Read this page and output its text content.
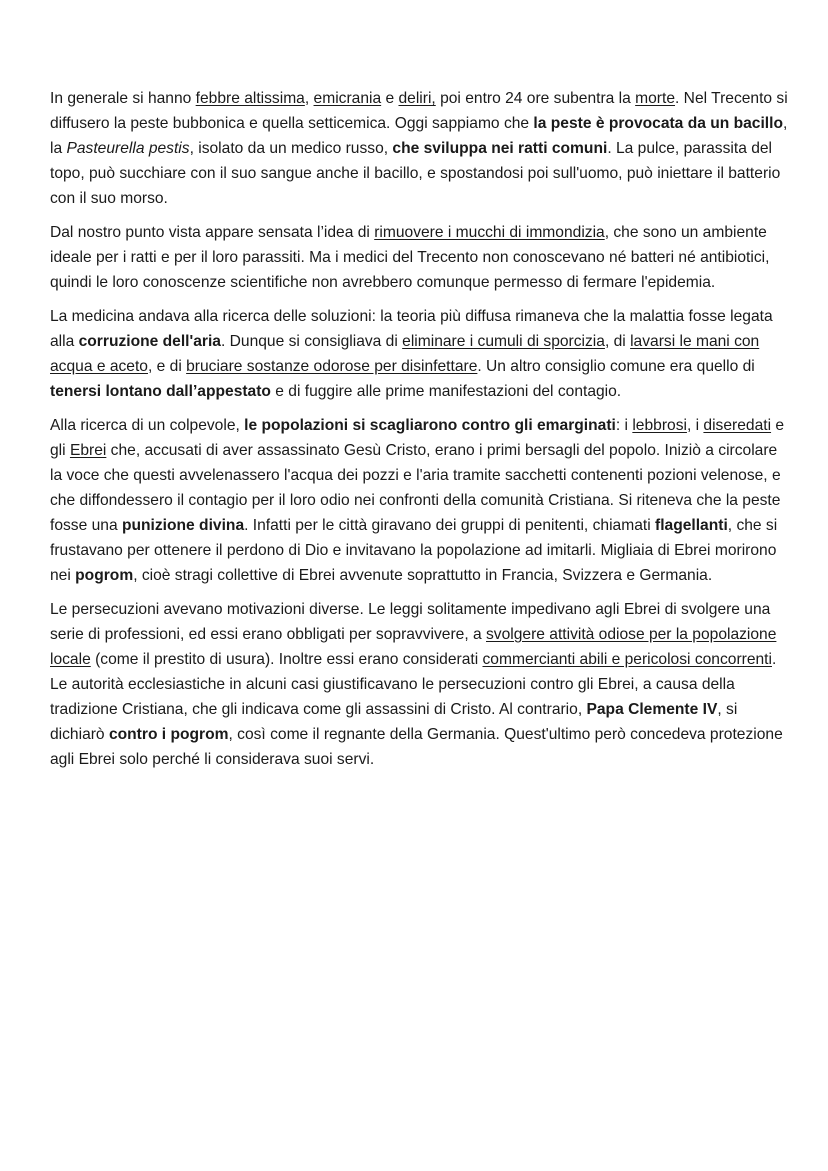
In generale si hanno febbre altissima, emicrania e deliri, poi entro 24 ore subentra la morte. Nel Trecento si diffusero la peste bubbonica e quella setticemica. Oggi sappiamo che la peste è provocata da un bacillo, la Pasteurella pestis, isolato da un medico russo, che sviluppa nei ratti comuni. La pulce, parassita del topo, può succhiare con il suo sangue anche il bacillo, e spostandosi poi sull'uomo, può iniettare il batterio con il suo morso.

Dal nostro punto vista appare sensata l’idea di rimuovere i mucchi di immondizia, che sono un ambiente ideale per i ratti e per il loro parassiti. Ma i medici del Trecento non conoscevano né batteri né antibiotici, quindi le loro conoscenze scientifiche non avrebbero comunque permesso di fermare l'epidemia.

La medicina andava alla ricerca delle soluzioni: la teoria più diffusa rimaneva che la malattia fosse legata alla corruzione dell'aria. Dunque si consigliava di eliminare i cumuli di sporcizia, di lavarsi le mani con acqua e aceto, e di bruciare sostanze odorose per disinfettare. Un altro consiglio comune era quello di tenersi lontano dall’appestato e di fuggire alle prime manifestazioni del contagio.

Alla ricerca di un colpevole, le popolazioni si scagliarono contro gli emarginati: i lebbrosi, i diseredati e gli Ebrei che, accusati di aver assassinato Gesù Cristo, erano i primi bersagli del popolo. Iniziò a circolare la voce che questi avvelenassero l'acqua dei pozzi e l'aria tramite sacchetti contenenti pozioni velenose, e che diffondessero il contagio per il loro odio nei confronti della comunità Cristiana. Si riteneva che la peste fosse una punizione divina. Infatti per le città giravano dei gruppi di penitenti, chiamati flagellanti, che si frustavano per ottenere il perdono di Dio e invitavano la popolazione ad imitarli. Migliaia di Ebrei morirono nei pogrom, cioè stragi collettive di Ebrei avvenute soprattutto in Francia, Svizzera e Germania.

Le persecuzioni avevano motivazioni diverse. Le leggi solitamente impedivano agli Ebrei di svolgere una serie di professioni, ed essi erano obbligati per sopravvivere, a svolgere attività odiose per la popolazione locale (come il prestito di usura). Inoltre essi erano considerati commercianti abili e pericolosi concorrenti. Le autorità ecclesiastiche in alcuni casi giustificavano le persecuzioni contro gli Ebrei, a causa della tradizione Cristiana, che gli indicava come gli assassini di Cristo. Al contrario, Papa Clemente IV, si dichiarò contro i pogrom, così come il regnante della Germania. Quest'ultimo però concedeva protezione agli Ebrei solo perché li considerava suoi servi.
